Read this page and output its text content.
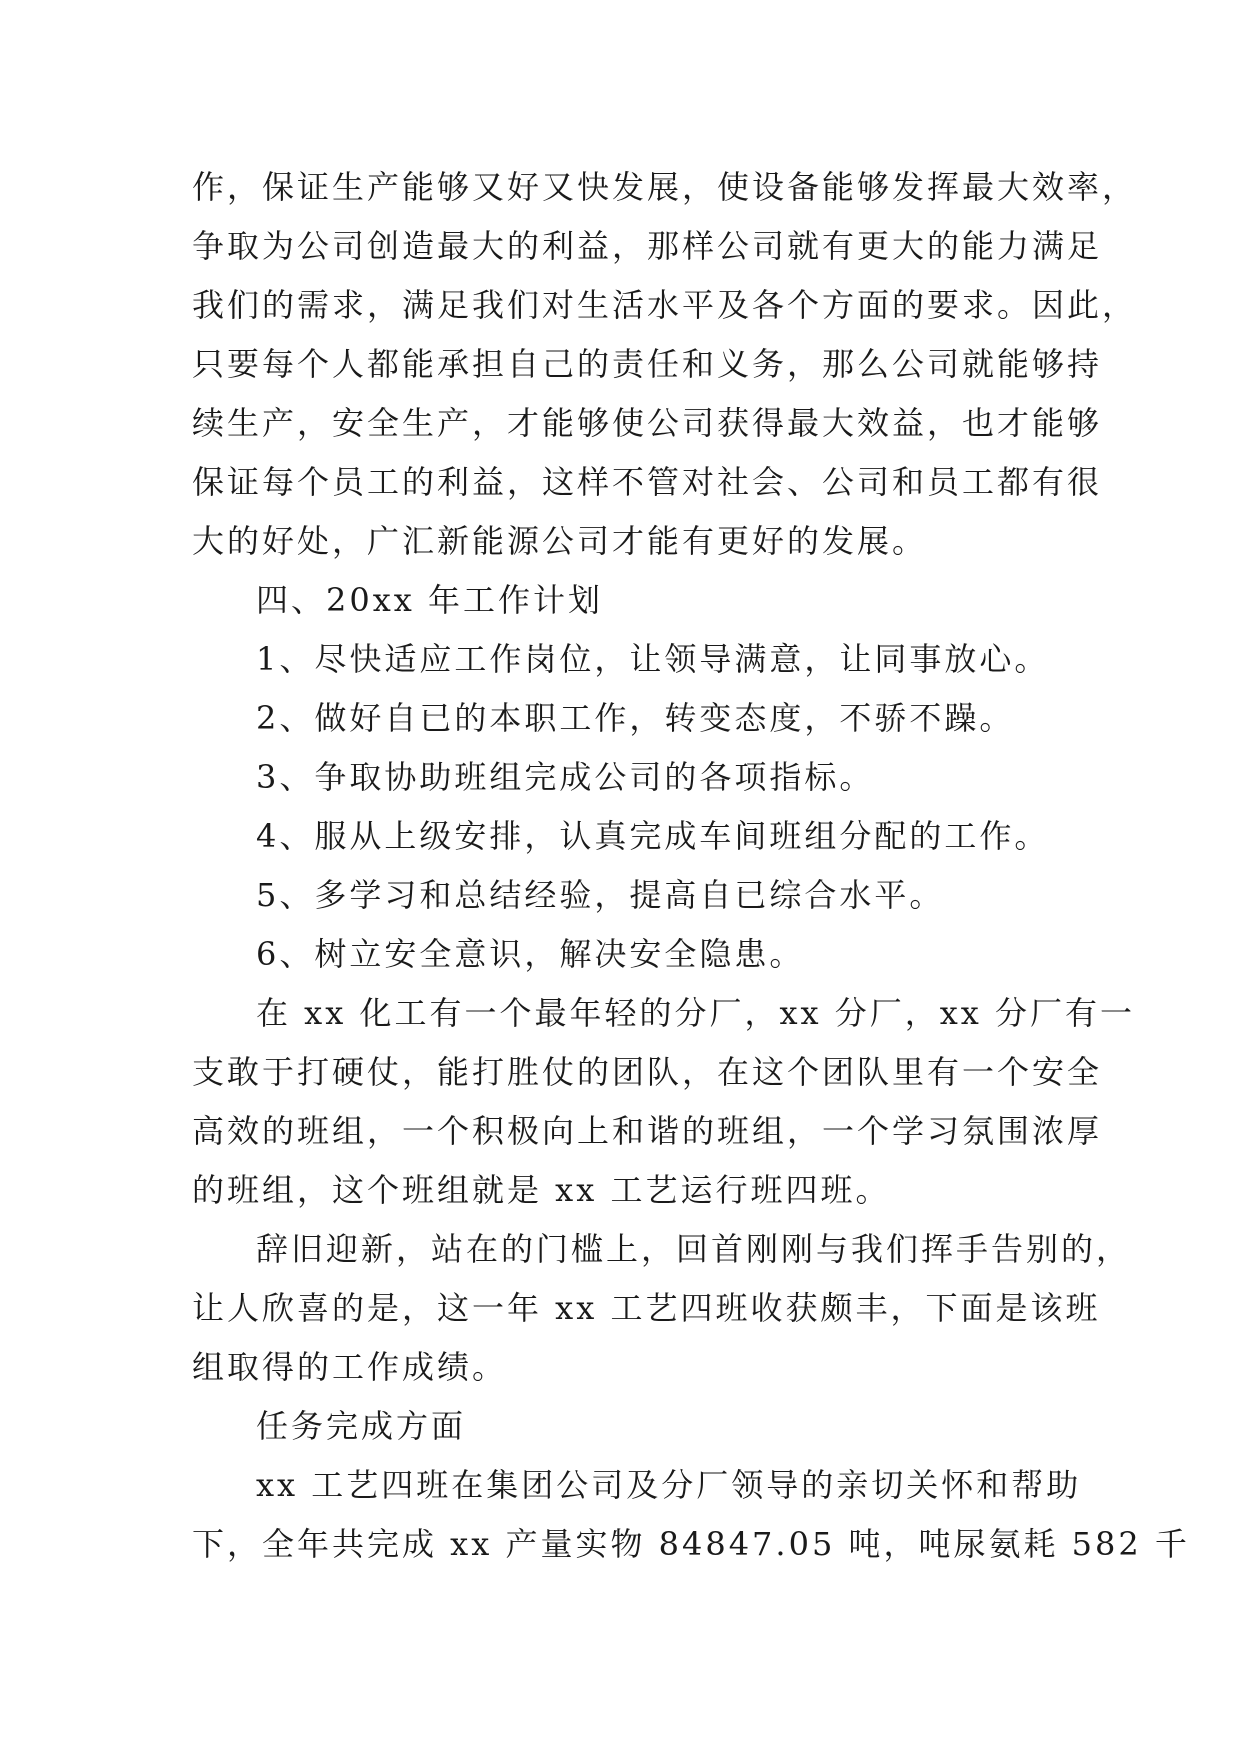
作，保证生产能够又好又快发展，使设备能够发挥最大效率，
争取为公司创造最大的利益，那样公司就有更大的能力满足
我们的需求，满足我们对生活水平及各个方面的要求。因此，
只要每个人都能承担自己的责任和义务，那么公司就能够持
续生产，安全生产，才能够使公司获得最大效益，也才能够
保证每个员工的利益，这样不管对社会、公司和员工都有很
大的好处，广汇新能源公司才能有更好的发展。
四、20xx 年工作计划
1、尽快适应工作岗位，让领导满意，让同事放心。
2、做好自已的本职工作，转变态度，不骄不躁。
3、争取协助班组完成公司的各项指标。
4、服从上级安排，认真完成车间班组分配的工作。
5、多学习和总结经验，提高自已综合水平。
6、树立安全意识，解决安全隐患。
在 xx 化工有一个最年轻的分厂，xx 分厂，xx 分厂有一
支敢于打硬仗，能打胜仗的团队，在这个团队里有一个安全
高效的班组，一个积极向上和谐的班组，一个学习氛围浓厚
的班组，这个班组就是 xx 工艺运行班四班。
辞旧迎新，站在的门槛上，回首刚刚与我们挥手告别的，
让人欣喜的是，这一年 xx 工艺四班收获颇丰，下面是该班
组取得的工作成绩。
任务完成方面
xx 工艺四班在集团公司及分厂领导的亲切关怀和帮助
下，全年共完成 xx 产量实物 84847.05 吨，吨尿氨耗 582 千
